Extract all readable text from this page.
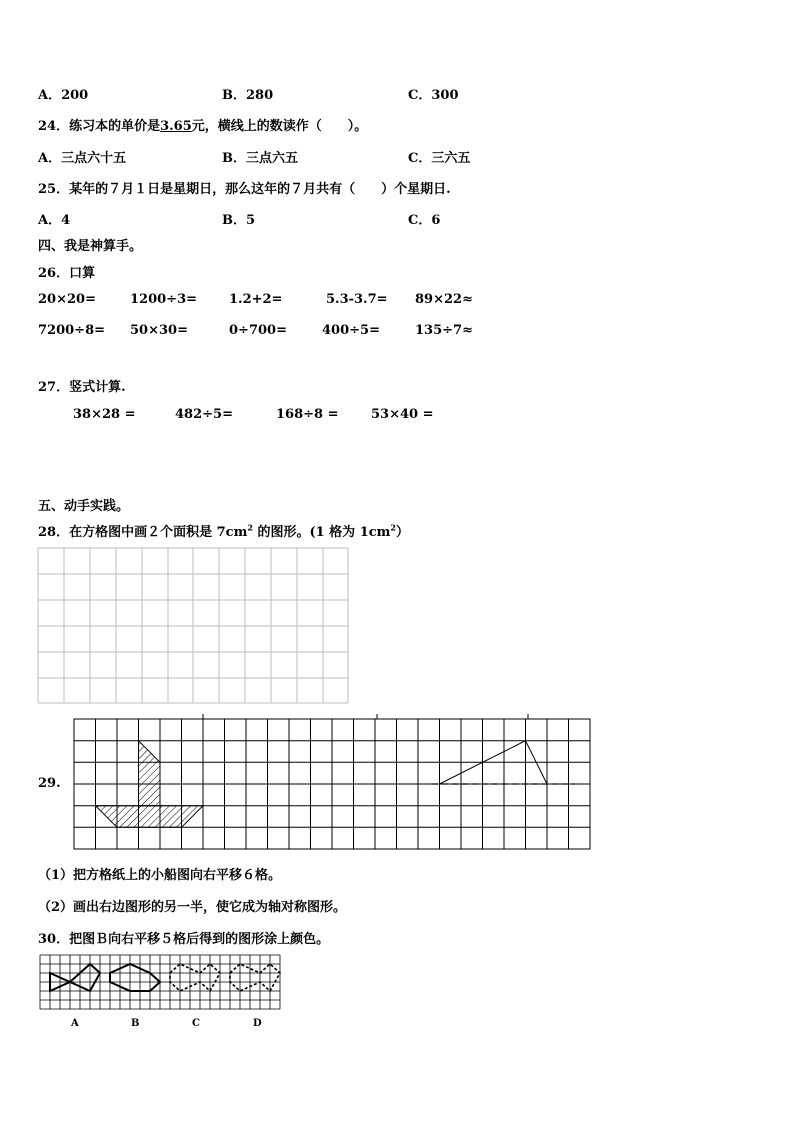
A．200	B．280	C．300
24．练习本的单价是3.65元，横线上的数读作（　　）。
A．三点六十五	B．三点六五	C．三六五
25．某年的７月１日是星期日，那么这年的７月共有（　　）个星期日.
A．4	B．5	C．6
四、我是神算手。
26．口算
20×20=	1200÷3= 1.2+2=	5.3-3.7= 89×22≈
7200÷8= 50×30=	0÷700=	400÷5=	135÷7≈
27．竖式计算.
38×28 =	482÷5=	168÷8 =	53×40 =
五、动手实践。
28．在方格图中画２个面积是 $7cm^2$ 的图形。(1 格为 $1cm^2$）
29.
（1）把方格纸上的小船图向右平移６格。
（2）画出右边图形的另一半，使它成为轴对称图形。
30．把图Ｂ向右平移５格后得到的图形涂上颜色。
A	B	C	D
